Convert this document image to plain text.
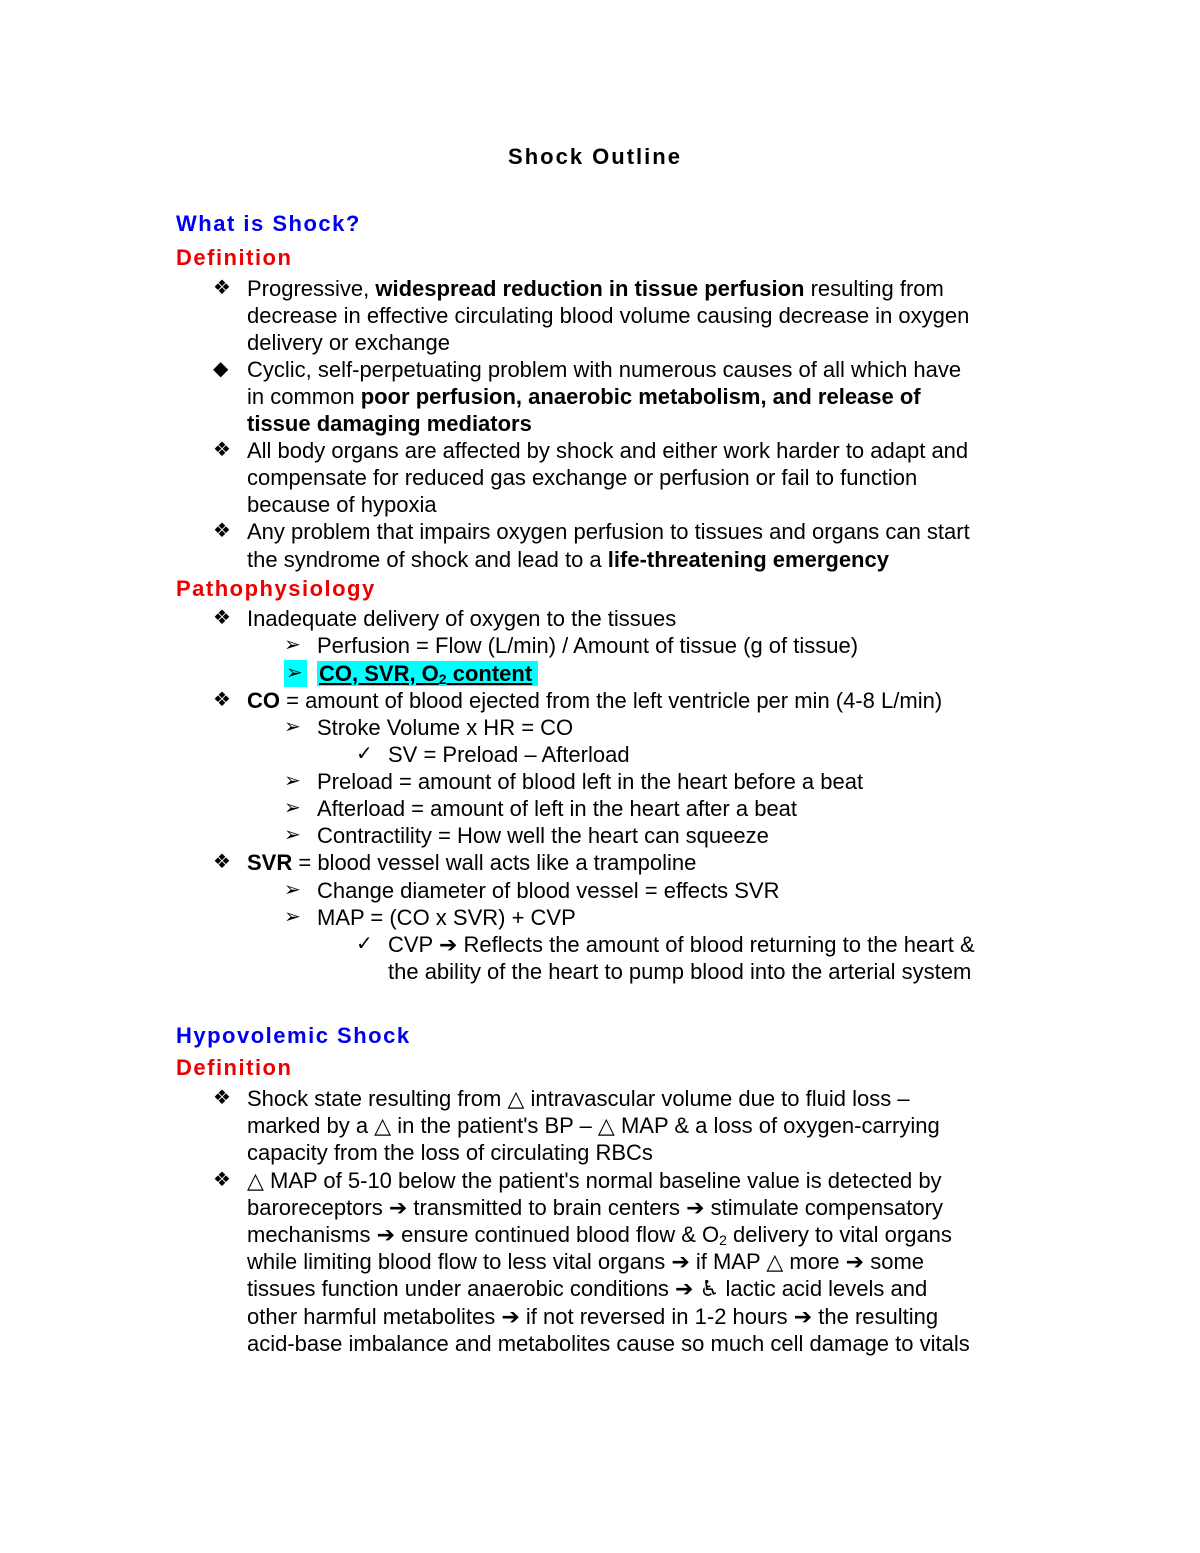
Shock Outline
What is Shock?
Definition
❖ Progressive, widespread reduction in tissue perfusion resulting from
decrease in effective circulating blood volume causing decrease in oxygen
delivery or exchange
◆ Cyclic, self-perpetuating problem with numerous causes of all which have
in common poor perfusion, anaerobic metabolism, and release of
tissue damaging mediators
❖ All body organs are affected by shock and either work harder to adapt and
compensate for reduced gas exchange or perfusion or fail to function
because of hypoxia
❖ Any problem that impairs oxygen perfusion to tissues and organs can start
the syndrome of shock and lead to a life-threatening emergency
Pathophysiology
❖ Inadequate delivery of oxygen to the tissues
➢ Perfusion = Flow (L/min) / Amount of tissue (g of tissue)
➢ CO, SVR, $O_2$ content
❖ CO = amount of blood ejected from the left ventricle per min (4-8 L/min)
➢ Stroke Volume x HR = CO
✓ SV = Preload – Afterload
➢ Preload = amount of blood left in the heart before a beat
➢ Afterload = amount of left in the heart after a beat
➢ Contractility = How well the heart can squeeze
❖ SVR = blood vessel wall acts like a trampoline
➢ Change diameter of blood vessel = effects SVR
➢ MAP = (CO x SVR) + CVP
✓ CVP ➔ Reflects the amount of blood returning to the heart &
the ability of the heart to pump blood into the arterial system
Hypovolemic Shock
Definition
❖ Shock state resulting from △ intravascular volume due to fluid loss –
marked by a △ in the patient's BP – △ MAP & a loss of oxygen-carrying
capacity from the loss of circulating RBCs
❖ △ MAP of 5-10 below the patient's normal baseline value is detected by
baroreceptors ➔ transmitted to brain centers ➔ stimulate compensatory
mechanisms ➔ ensure continued blood flow & $O_2$ delivery to vital organs
while limiting blood flow to less vital organs ➔ if MAP △ more ➔ some
tissues function under anaerobic conditions ➔ ♿ lactic acid levels and
other harmful metabolites ➔ if not reversed in 1-2 hours ➔ the resulting
acid-base imbalance and metabolites cause so much cell damage to vitals
